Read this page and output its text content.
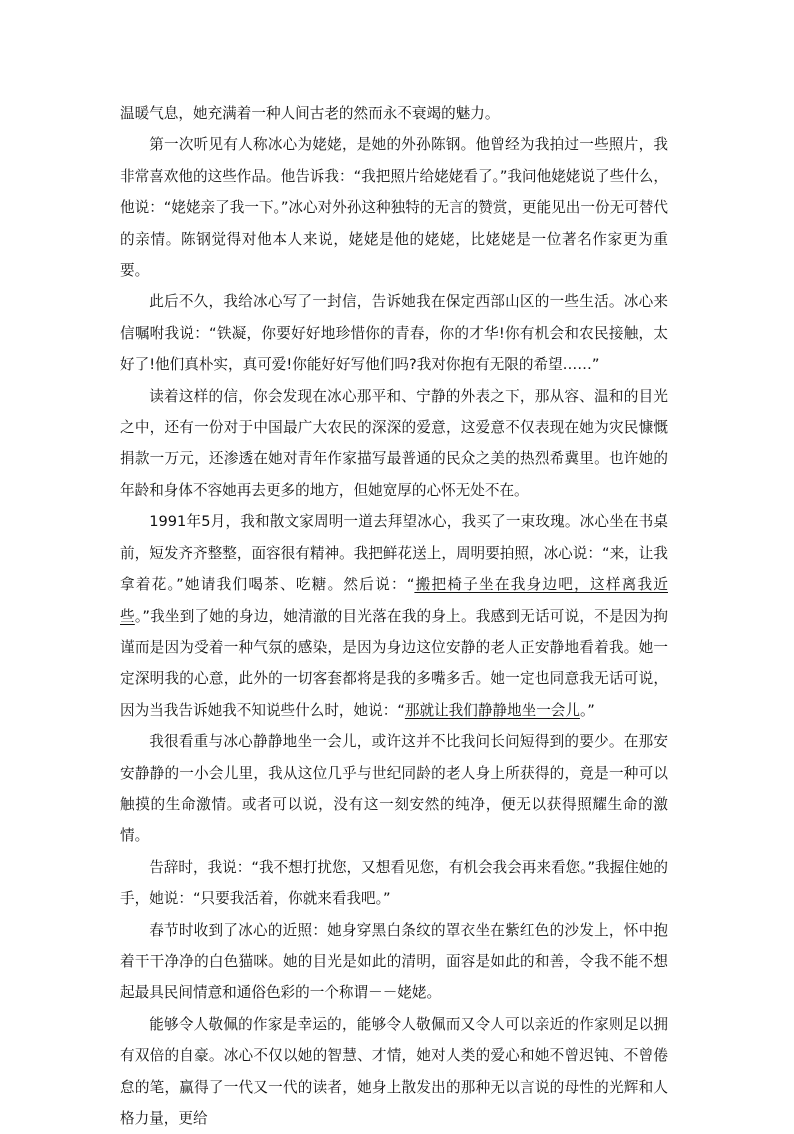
温暖气息，她充满着一种人间古老的然而永不衰竭的魅力。

第一次听见有人称冰心为姥姥，是她的外孙陈钢。他曾经为我拍过一些照片，我非常喜欢他的这些作品。他告诉我：“我把照片给姥姥看了。”我问他姥姥说了些什么，他说：“姥姥亲了我一下。”冰心对外孙这种独特的无言的赞赏，更能见出一份无可替代的亲情。陈钢觉得对他本人来说，姥姥是他的姥姥，比姥姥是一位著名作家更为重要。

此后不久，我给冰心写了一封信，告诉她我在保定西部山区的一些生活。冰心来信嘱咐我说：“铁凝，你要好好地珍惜你的青春，你的才华!你有机会和农民接触，太好了!他们真朴实，真可爱!你能好好写他们吗?我对你抱有无限的希望……”

读着这样的信，你会发现在冰心那平和、宁静的外表之下，那从容、温和的目光之中，还有一份对于中国最广大农民的深深的爱意，这爱意不仅表现在她为灾民慷慨捐款一万元，还渗透在她对青年作家描写最普通的民众之美的热烈希冀里。也许她的年龄和身体不容她再去更多的地方，但她宽厚的心怀无处不在。

1991年5月，我和散文家周明一道去拜望冰心，我买了一束玫瑰。冰心坐在书桌前，短发齐齐整整，面容很有精神。我把鲜花送上，周明要拍照，冰心说：“来，让我拿着花。”她请我们喝茶、吃糖。然后说：“搬把椅子坐在我身边吧，这样离我近些。”我坐到了她的身边，她清澈的目光落在我的身上。我感到无话可说，不是因为拘谨而是因为受着一种气氛的感染，是因为身边这位安静的老人正安静地看着我。她一定深明我的心意，此外的一切客套都将是我的多嘴多舌。她一定也同意我无话可说，因为当我告诉她我不知说些什么时，她说：“那就让我们静静地坐一会儿。”

我很看重与冰心静静地坐一会儿，或许这并不比我问长问短得到的要少。在那安安静静的一小会儿里，我从这位几乎与世纪同龄的老人身上所获得的，竟是一种可以触摸的生命激情。或者可以说，没有这一刻安然的纯净，便无以获得照耀生命的激情。

告辞时，我说：“我不想打扰您，又想看见您，有机会我会再来看您。”我握住她的手，她说：“只要我活着，你就来看我吧。”

春节时收到了冰心的近照：她身穿黑白条纹的罩衣坐在紫红色的沙发上，怀中抱着干干净净的白色猫咪。她的目光是如此的清明，面容是如此的和善，令我不能不想起最具民间情意和通俗色彩的一个称谓－－姥姥。

能够令人敬佩的作家是幸运的，能够令人敬佩而又令人可以亲近的作家则足以拥有双倍的自豪。冰心不仅以她的智慧、才情，她对人类的爱心和她不曾迟钝、不曾倦怠的笔，赢得了一代又一代的读者，她身上散发出的那种无以言说的母性的光辉和人格力量，更给
